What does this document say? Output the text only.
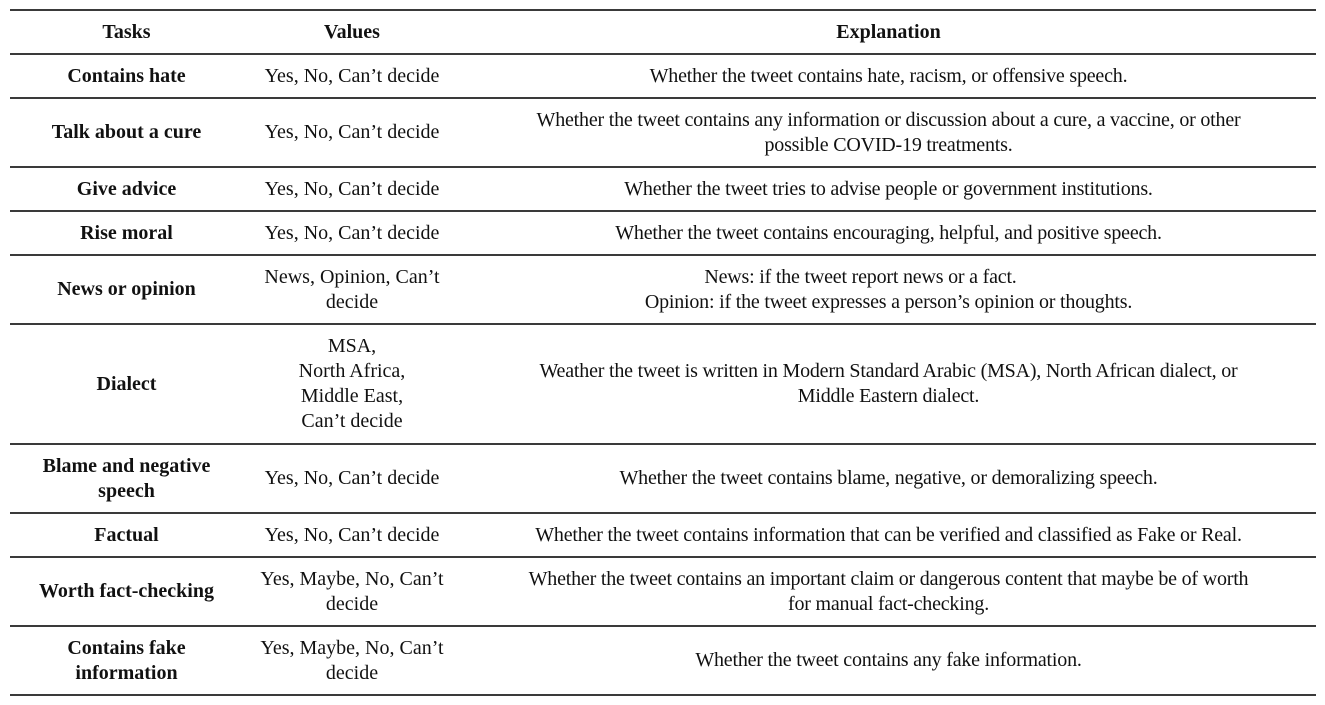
Tasks	Values	Explanation
Contains hate	Yes, No, Can’t decide	Whether the tweet contains hate, racism, or offensive speech.
Talk about a cure	Yes, No, Can’t decide	Whether the tweet contains any information or discussion about a cure, a vaccine, or other
possible COVID-19 treatments.

Give advice	Yes, No, Can’t decide	Whether the tweet tries to advise people or government institutions.
Rise moral	Yes, No, Can’t decide	Whether the tweet contains encouraging, helpful, and positive speech.
News or opinion	News, Opinion, Can’t
decide	News: if the tweet report news or a fact.
Opinion: if the tweet expresses a person’s opinion or thoughts.

Dialect	MSA,
North Africa,
Middle East,
Can’t decide	Weather the tweet is written in Modern Standard Arabic (MSA), North African dialect, or
Middle Eastern dialect.

Blame and negative
speech	Yes, No, Can’t decide	Whether the tweet contains blame, negative, or demoralizing speech.
Factual	Yes, No, Can’t decide	Whether the tweet contains information that can be verified and classified as Fake or Real.
Worth fact-checking	Yes, Maybe, No, Can’t
decide	Whether the tweet contains an important claim or dangerous content that maybe be of worth
for manual fact-checking.

Contains fake
information	Yes, Maybe, No, Can’t
decide	Whether the tweet contains any fake information.
